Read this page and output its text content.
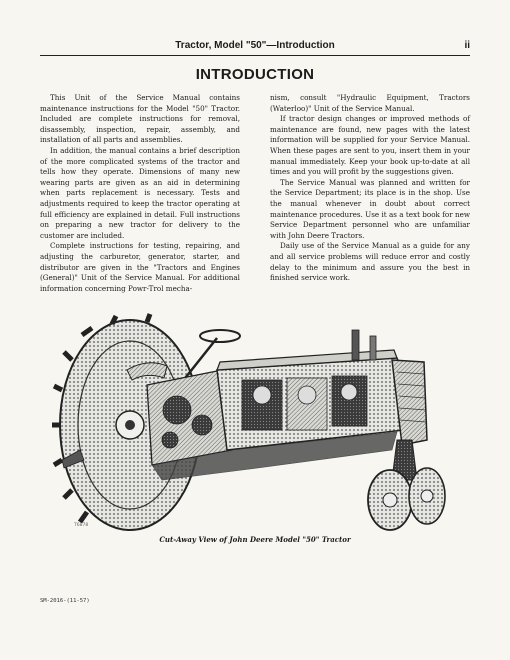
Tractor, Model "50"—Introduction	ii
INTRODUCTION

This Unit of the Service Manual contains maintenance instructions for the Model "50" Tractor. Included are complete instructions for removal, disassembly, inspection, repair, assembly, and installation of all parts and assemblies.

In addition, the manual contains a brief description of the more complicated systems of the tractor and tells how they operate. Dimensions of many new wearing parts are given as an aid in determining when parts replacement is necessary. Tests and adjustments required to keep the tractor operating at full efficiency are explained in detail. Full instructions on preparing a new tractor for delivery to the customer are included.

Complete instructions for testing, repairing, and adjusting the carburetor, generator, starter, and distributor are given in the "Tractors and Engines (General)" Unit of the Service Manual. For additional information concerning Powr-Trol mecha-

nism, consult "Hydraulic Equipment, Tractors (Waterloo)" Unit of the Service Manual.

If tractor design changes or improved methods of maintenance are found, new pages with the latest information will be supplied for your Service Manual. When these pages are sent to you, insert them in your manual immediately. Keep your book up-to-date at all times and you will profit by the suggestions given.

The Service Manual was planned and written for the Service Department; its place is in the shop. Use the manual whenever in doubt about correct maintenance procedures. Use it as a text book for new Service Department personnel who are unfamiliar with John Deere Tractors.

Daily use of the Service Manual as a guide for any and all service problems will reduce error and costly delay to the minimum and assure you the best in finished service work.

T6878
Cut-Away View of John Deere Model "50" Tractor
SM-2016-(11-57)
